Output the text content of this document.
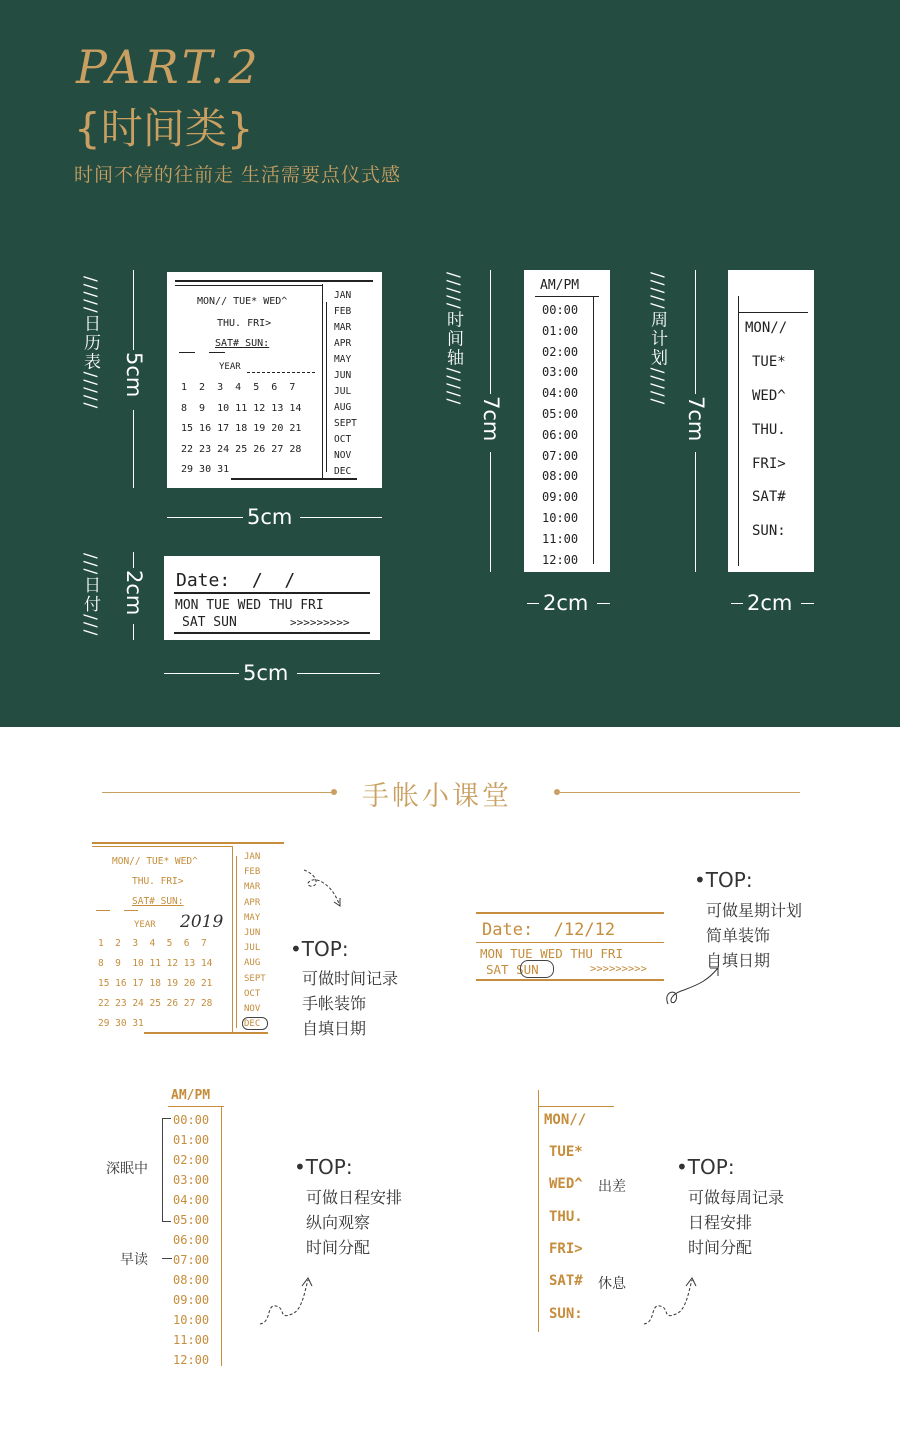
PART.2
{时间类}
时间不停的往前走 生活需要点仪式感
/////日历表///// 5cm
MON// TUE* WED^
THU. FRI>
SAT# SUN:
YEAR
1  2  3  4  5  6  7
8  9  10 11 12 13 14
15 16 17 18 19 20 21
22 23 24 25 26 27 28
29 30 31
JAN
FEB
MAR
APR
MAY
JUN
JUL
AUG
SEPT
OCT
NOV
DEC
5cm
///日付/// 2cm Date:  /  /
MON TUE WED THU FRI
SAT SUN	>>>>>>>>>
5cm
/////时间轴/////
7cm
AM/PM
00:00
01:00
02:00
03:00
04:00
05:00
06:00
07:00
08:00
09:00
10:00
11:00
12:00
2cm
/////周计划/////
7cm
MON//
TUE*
WED^
THU.
FRI>
SAT#
SUN:
2cm
手帐小课堂
MON// TUE* WED^
THU. FRI>
SAT# SUN:
YEAR 2019
1  2  3  4  5  6  7
8  9  10 11 12 13 14
15 16 17 18 19 20 21
22 23 24 25 26 27 28
29 30 31
JAN
FEB
MAR
APR
MAY
JUN
JUL
AUG
SEPT
OCT
NOV
DEC
•TOP:
可做时间记录
手帐装饰
自填日期
Date:  /12/12
MON TUE WED THU FRI
SAT SUN	>>>>>>>>>
•TOP:
可做星期计划
简单装饰
自填日期
AM/PM
00:00
01:00
02:00
03:00
04:00
05:00
06:00
07:00
08:00
09:00
10:00
11:00
12:00
深眠中
早读
•TOP:
可做日程安排
纵向观察
时间分配
MON//
TUE*
WED^
THU.
FRI>
SAT#
SUN:
出差
休息
•TOP:
可做每周记录
日程安排
时间分配
